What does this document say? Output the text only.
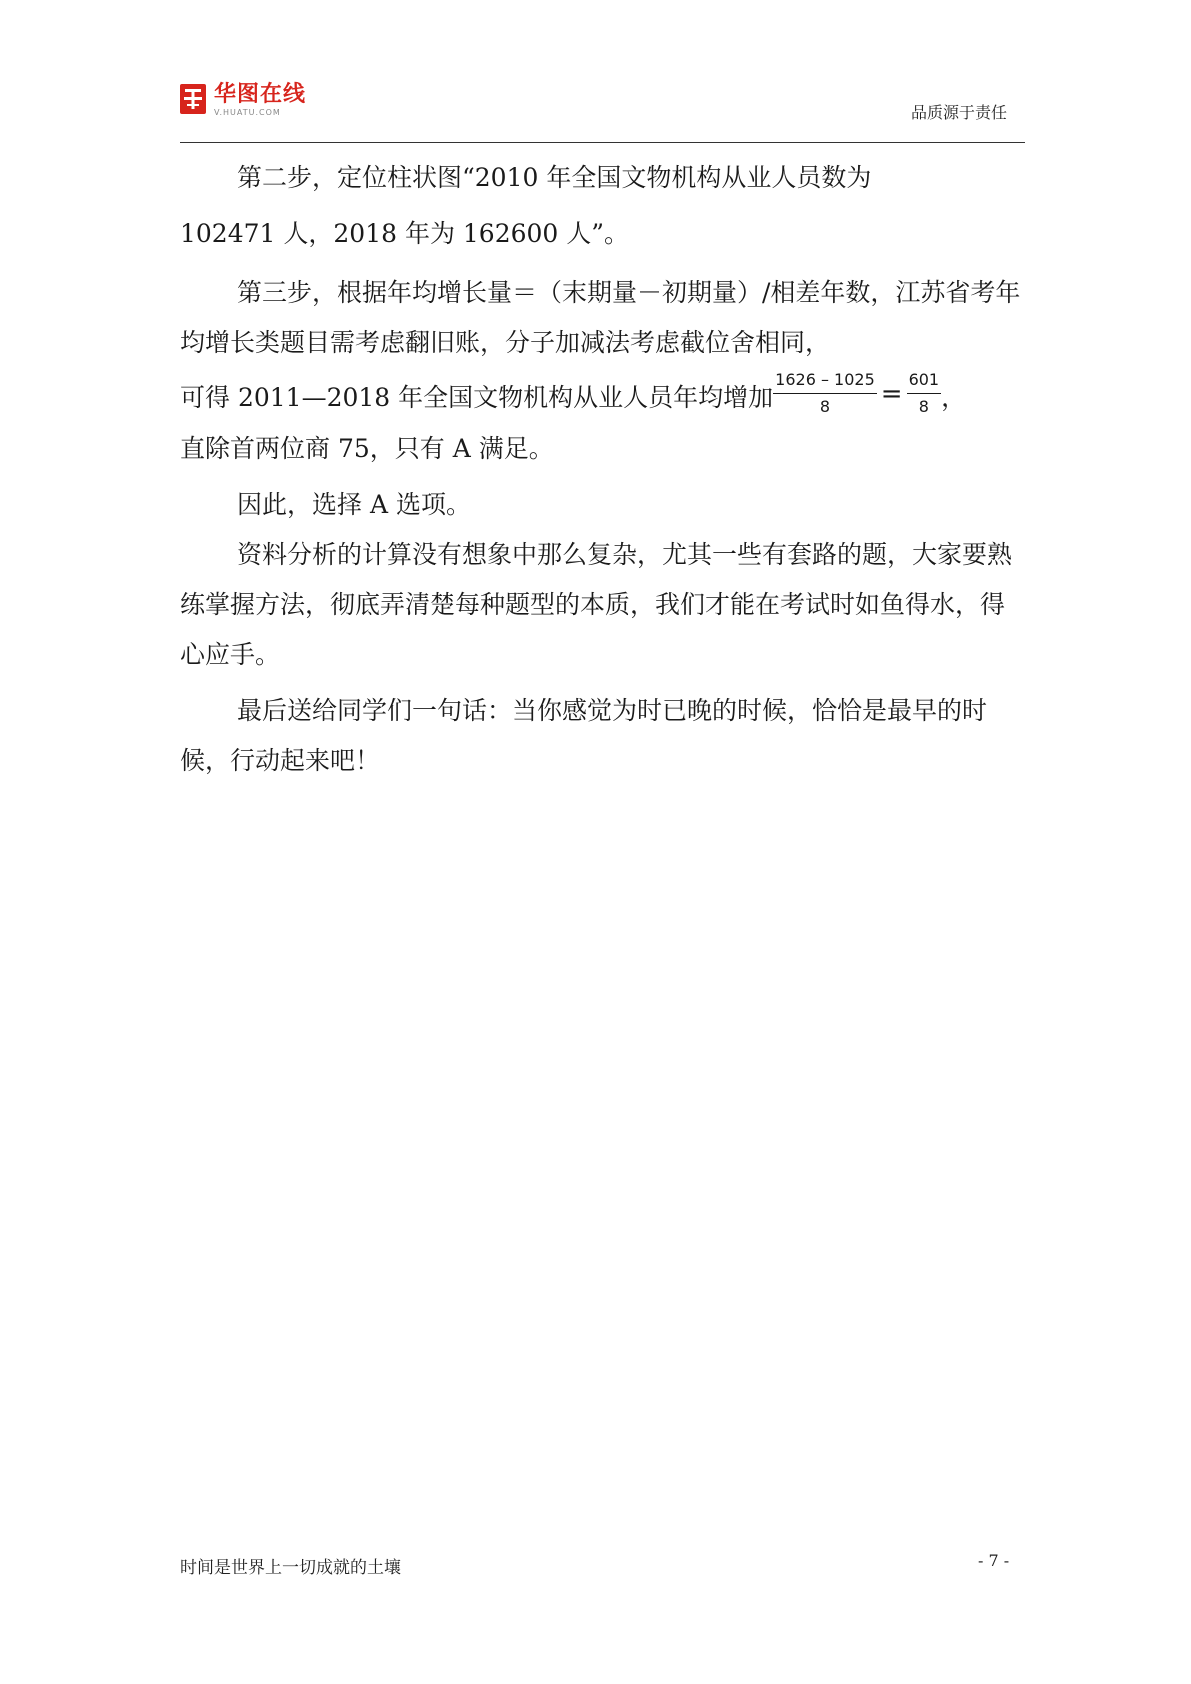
华图在线
V.HUATU.COM	品质源于责任

第二步，定位柱状图“2010 年全国文物机构从业人员数为

102471 人，2018 年为 162600 人”。

第三步，根据年均增长量＝（末期量－初期量）/相差年数，江苏省考年均增长类题目需考虑翻旧账，分子加减法考虑截位舍相同，

可得 2011—2018 年全国文物机构从业人员年均增加 $\frac{1626 - 1025}{8} = \frac{601}{8}$ ，

直除首两位商 75，只有 A 满足。

因此，选择 A 选项。

资料分析的计算没有想象中那么复杂，尤其一些有套路的题，大家要熟练掌握方法，彻底弄清楚每种题型的本质，我们才能在考试时如鱼得水，得心应手。

最后送给同学们一句话：当你感觉为时已晚的时候，恰恰是最早的时候，行动起来吧！

时间是世界上一切成就的土壤	- 7 -
